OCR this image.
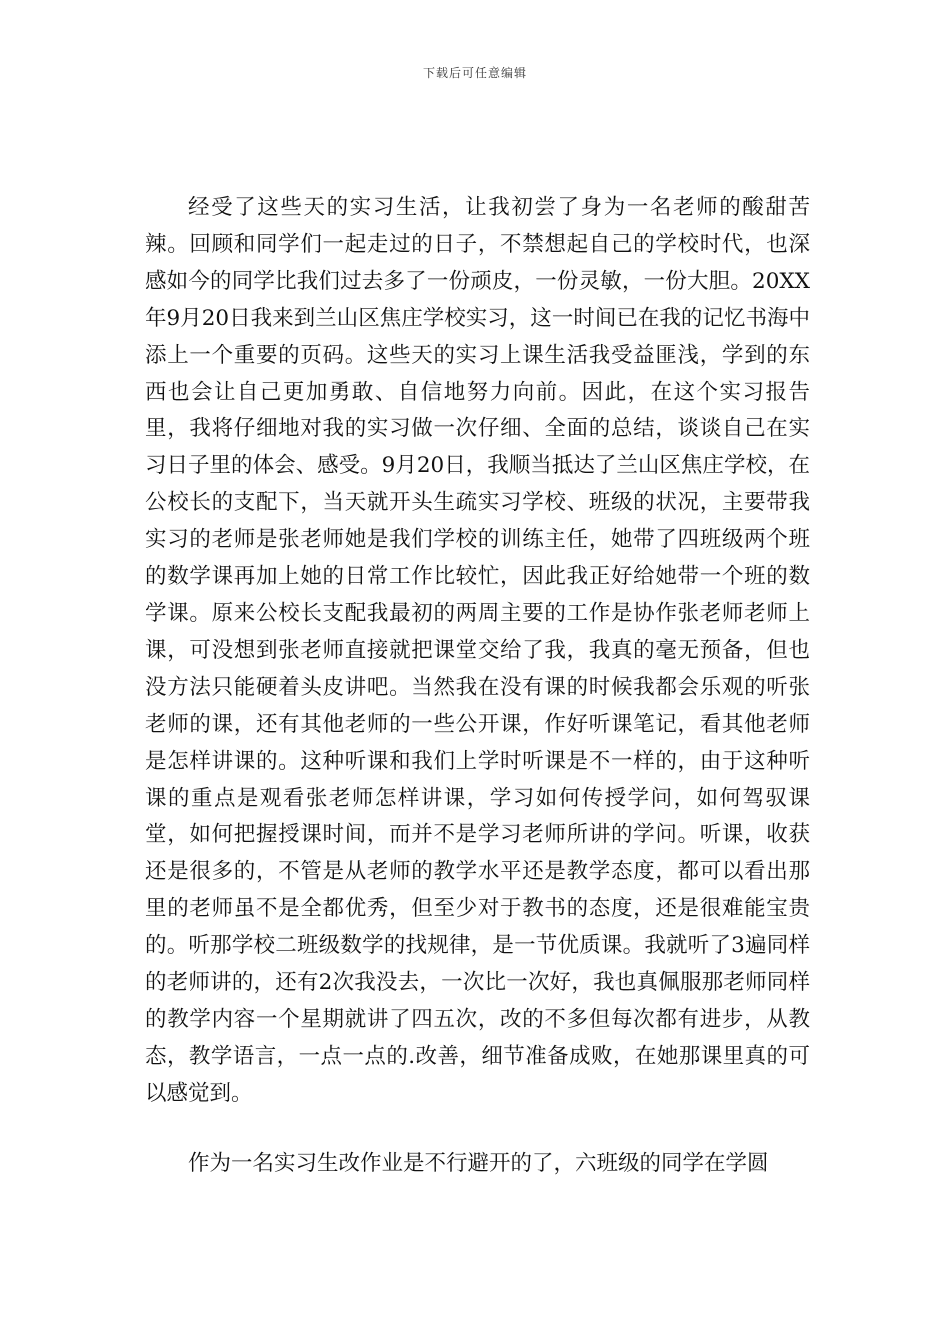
下载后可任意编辑

经受了这些天的实习生活，让我初尝了身为一名老师的酸甜苦辣。回顾和同学们一起走过的日子，不禁想起自己的学校时代，也深感如今的同学比我们过去多了一份顽皮，一份灵敏，一份大胆。20XX年9月20日我来到兰山区焦庄学校实习，这一时间已在我的记忆书海中添上一个重要的页码。这些天的实习上课生活我受益匪浅，学到的东西也会让自己更加勇敢、自信地努力向前。因此，在这个实习报告里，我将仔细地对我的实习做一次仔细、全面的总结，谈谈自己在实习日子里的体会、感受。9月20日，我顺当抵达了兰山区焦庄学校，在公校长的支配下，当天就开头生疏实习学校、班级的状况，主要带我实习的老师是张老师她是我们学校的训练主任，她带了四班级两个班的数学课再加上她的日常工作比较忙，因此我正好给她带一个班的数学课。原来公校长支配我最初的两周主要的工作是协作张老师老师上课，可没想到张老师直接就把课堂交给了我，我真的毫无预备，但也没方法只能硬着头皮讲吧。当然我在没有课的时候我都会乐观的听张老师的课，还有其他老师的一些公开课，作好听课笔记，看其他老师是怎样讲课的。这种听课和我们上学时听课是不一样的，由于这种听课的重点是观看张老师怎样讲课，学习如何传授学问，如何驾驭课堂，如何把握授课时间，而并不是学习老师所讲的学问。听课，收获还是很多的，不管是从老师的教学水平还是教学态度，都可以看出那里的老师虽不是全都优秀，但至少对于教书的态度，还是很难能宝贵的。听那学校二班级数学的找规律，是一节优质课。我就听了3遍同样的老师讲的，还有2次我没去，一次比一次好，我也真佩服那老师同样的教学内容一个星期就讲了四五次，改的不多但每次都有进步，从教态，教学语言，一点一点的.改善，细节准备成败，在她那课里真的可以感觉到。

作为一名实习生改作业是不行避开的了，六班级的同学在学圆
